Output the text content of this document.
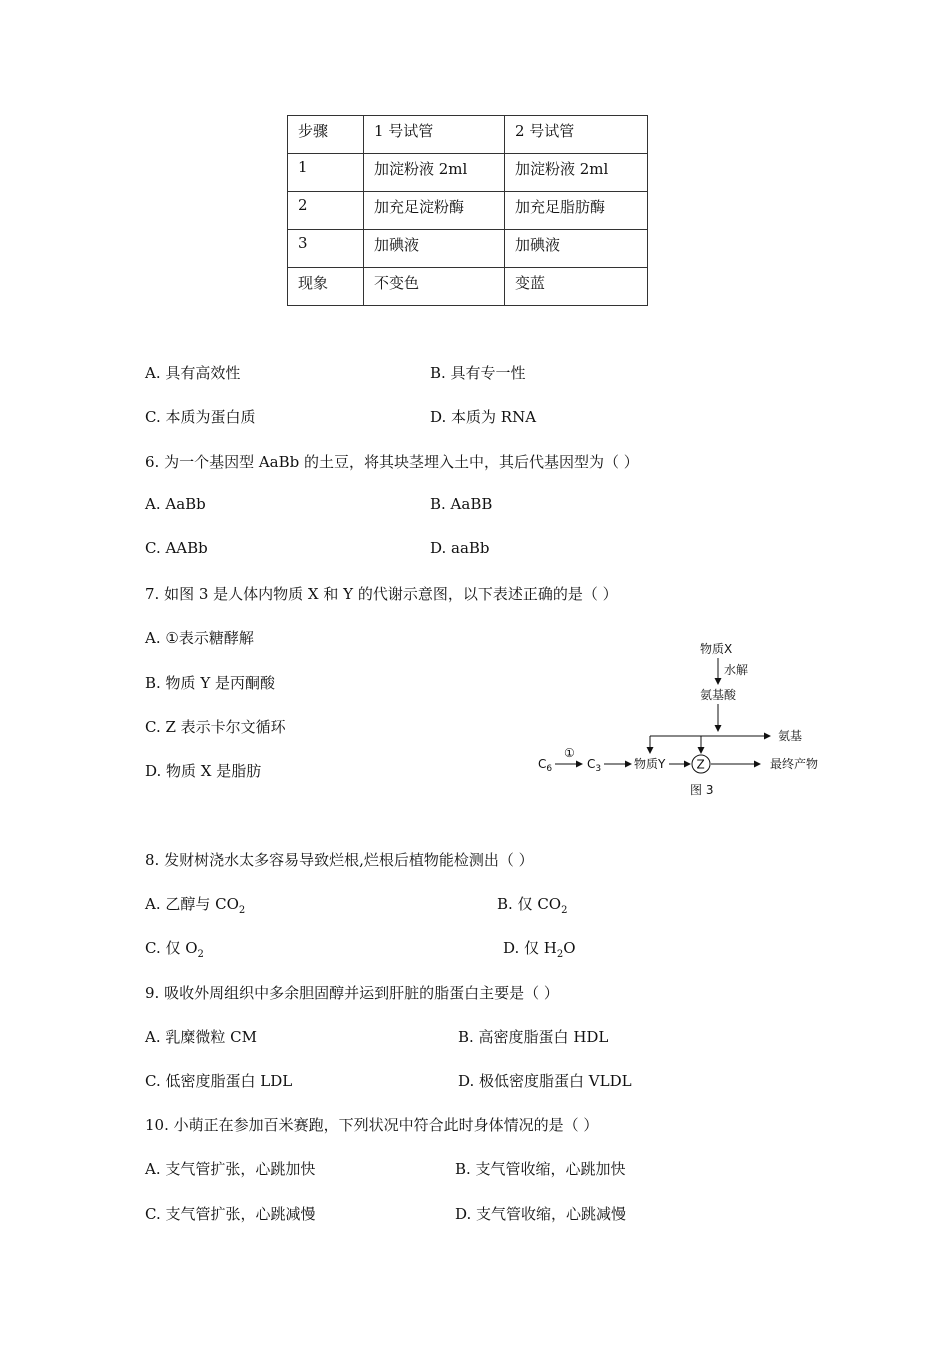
步骤	1 号试管	2 号试管
1	加淀粉液 2ml	加淀粉液 2ml
2	加充足淀粉酶	加充足脂肪酶
3	加碘液	加碘液
现象	不变色	变蓝
A. 具有高效性	B. 具有专一性
C. 本质为蛋白质	D. 本质为 RNA
6. 为一个基因型 AaBb 的土豆，将其块茎埋入土中，其后代基因型为（ ）
A. AaBb	B. AaBB
C. AABb	D. aaBb
7. 如图 3 是人体内物质 X 和 Y 的代谢示意图，以下表述正确的是（ ）
A. ①表示糖酵解
B. 物质 Y 是丙酮酸
C. Z 表示卡尔文循环
D. 物质 X 是脂肪
物质X
水解
氨基酸
氨基
$C_6$
①
$C_3$	物质Y	Z	最终产物
图 3
8. 发财树浇水太多容易导致烂根,烂根后植物能检测出（ ）
A. 乙醇与 $CO_2$	B. 仅 $CO_2$
C. 仅 $O_2$	D. 仅 $H_2O$
9. 吸收外周组织中多余胆固醇并运到肝脏的脂蛋白主要是（ ）
A. 乳糜微粒 CM	B. 高密度脂蛋白 HDL
C. 低密度脂蛋白 LDL	D. 极低密度脂蛋白 VLDL
10. 小萌正在参加百米赛跑，下列状况中符合此时身体情况的是（ ）
A. 支气管扩张，心跳加快	B. 支气管收缩，心跳加快
C. 支气管扩张，心跳减慢	D. 支气管收缩，心跳减慢
